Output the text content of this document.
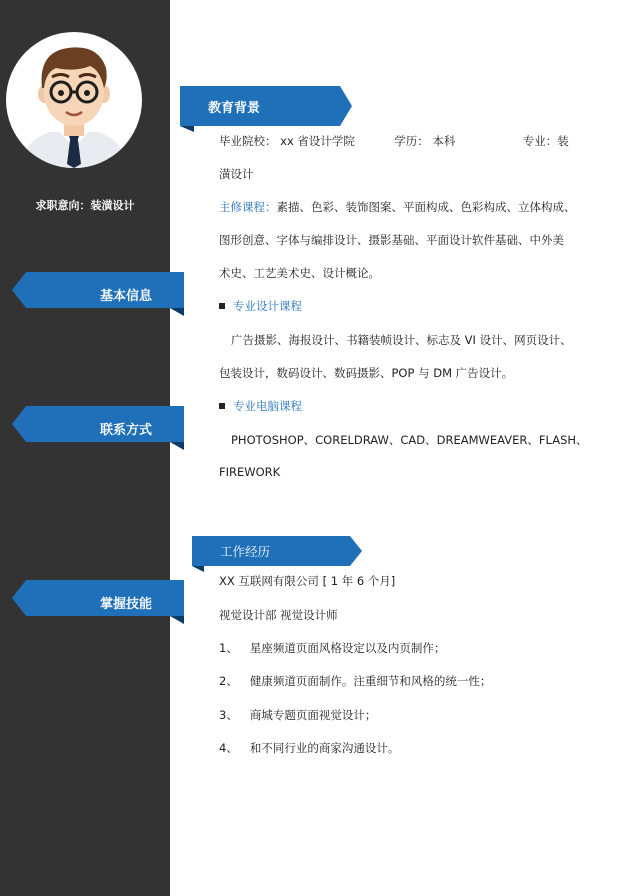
求职意向：装潢设计
基本信息
联系方式
掌握技能
教育背景
毕业院校： xx 省设计学院	学历： 本科	专业：装
潢设计
主修课程：素描、色彩、装饰图案、平面构成、色彩构成、立体构成、
图形创意、字体与编排设计、摄影基础、平面设计软件基础、中外美
术史、工艺美术史、设计概论。
专业设计课程
广告摄影、海报设计、书籍装帧设计、标志及 VI 设计、网页设计、
包装设计，数码设计、数码摄影、POP 与 DM 广告设计。
专业电脑课程
PHOTOSHOP、CORELDRAW、CAD、DREAMWEAVER、FLASH、
FIREWORK
工作经历
XX 互联网有限公司 [ 1 年 6 个月]
视觉设计部 视觉设计师
1、 星座频道页面风格设定以及内页制作；
2、 健康频道页面制作。注重细节和风格的统一性；
3、 商城专题页面视觉设计；
4、 和不同行业的商家沟通设计。
